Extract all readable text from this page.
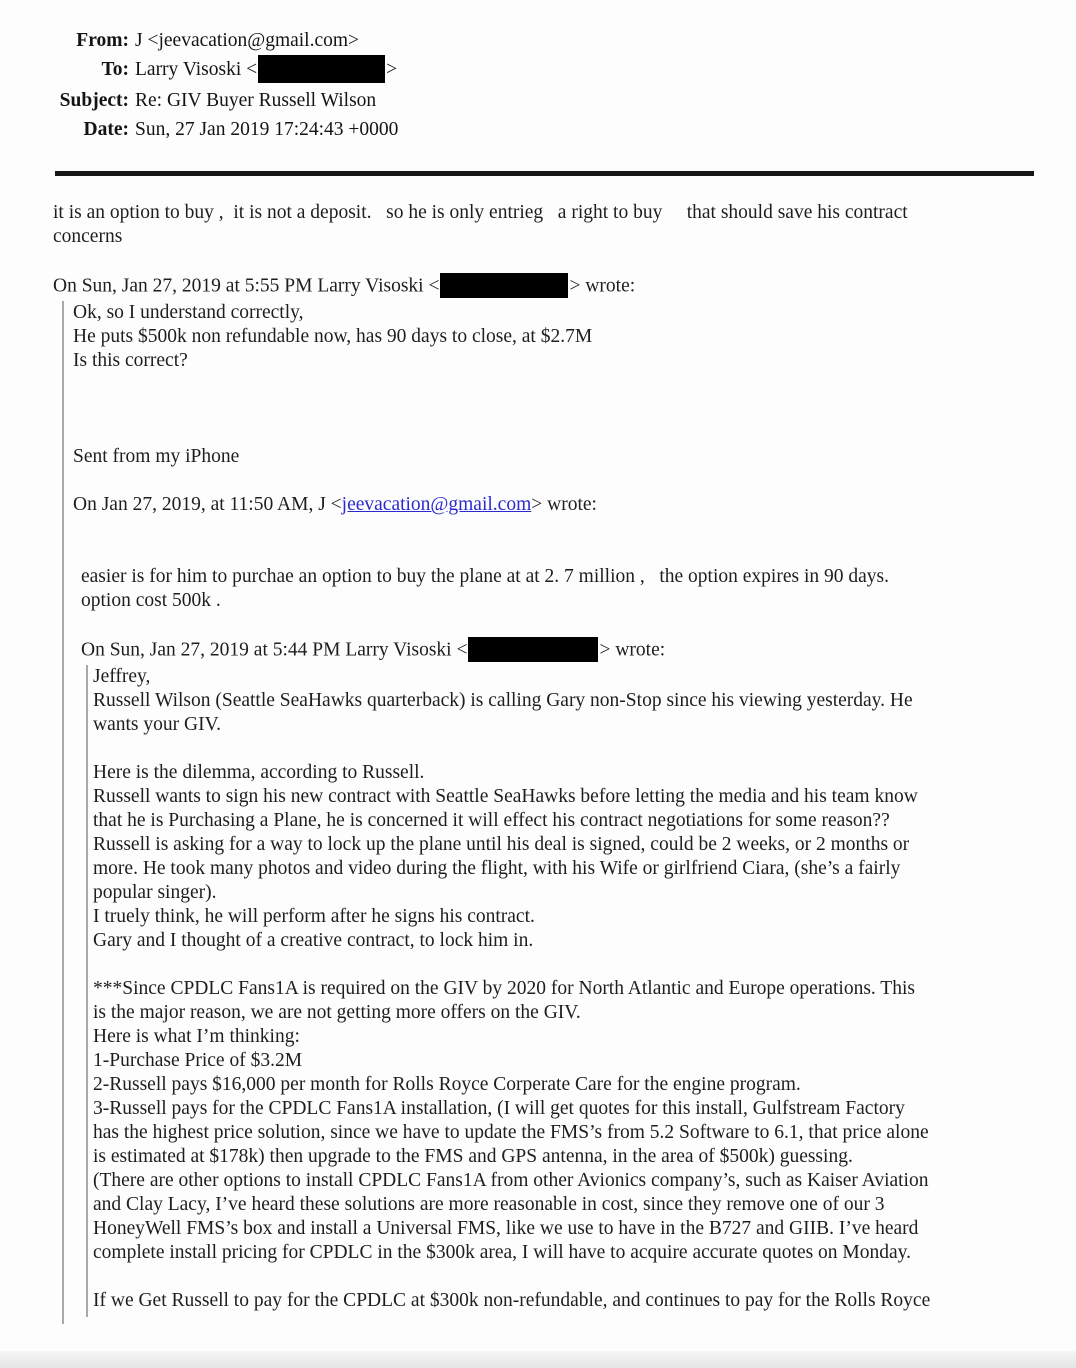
From: J <jeevacation@gmail.com>
To: Larry Visoski <	>
Subject: Re: GIV Buyer Russell Wilson
Date: Sun, 27 Jan 2019 17:24:43 +0000
it is an option to buy ,  it is not a deposit.   so he is only entrieg   a right to buy     that should save his contract
concerns

On Sun, Jan 27, 2019 at 5:55 PM Larry Visoski <	> wrote:
Ok, so I understand correctly,
He puts $500k non refundable now, has 90 days to close, at $2.7M
Is this correct?

Sent from my iPhone

On Jan 27, 2019, at 11:50 AM, J <jeevacation@gmail.com> wrote:

easier is for him to purchae an option to buy the plane at at 2. 7 million ,   the option expires in 90 days.
option cost 500k .

On Sun, Jan 27, 2019 at 5:44 PM Larry Visoski <	> wrote:
Jeffrey,
Russell Wilson (Seattle SeaHawks quarterback) is calling Gary non-Stop since his viewing yesterday. He
wants your GIV.

Here is the dilemma, according to Russell.
Russell wants to sign his new contract with Seattle SeaHawks before letting the media and his team know
that he is Purchasing a Plane, he is concerned it will effect his contract negotiations for some reason??
Russell is asking for a way to lock up the plane until his deal is signed, could be 2 weeks, or 2 months or
more. He took many photos and video during the flight, with his Wife or girlfriend Ciara, (she’s a fairly
popular singer).
I truely think, he will perform after he signs his contract.
Gary and I thought of a creative contract, to lock him in.

***Since CPDLC Fans1A is required on the GIV by 2020 for North Atlantic and Europe operations. This
is the major reason, we are not getting more offers on the GIV.
Here is what I’m thinking:
1-Purchase Price of $3.2M
2-Russell pays $16,000 per month for Rolls Royce Corperate Care for the engine program.
3-Russell pays for the CPDLC Fans1A installation, (I will get quotes for this install, Gulfstream Factory
has the highest price solution, since we have to update the FMS’s from 5.2 Software to 6.1, that price alone
is estimated at $178k) then upgrade to the FMS and GPS antenna, in the area of $500k) guessing.
(There are other options to install CPDLC Fans1A from other Avionics company’s, such as Kaiser Aviation
and Clay Lacy, I’ve heard these solutions are more reasonable in cost, since they remove one of our 3
HoneyWell FMS’s box and install a Universal FMS, like we use to have in the B727 and GIIB. I’ve heard
complete install pricing for CPDLC in the $300k area, I will have to acquire accurate quotes on Monday.

If we Get Russell to pay for the CPDLC at $300k non-refundable, and continues to pay for the Rolls Royce
